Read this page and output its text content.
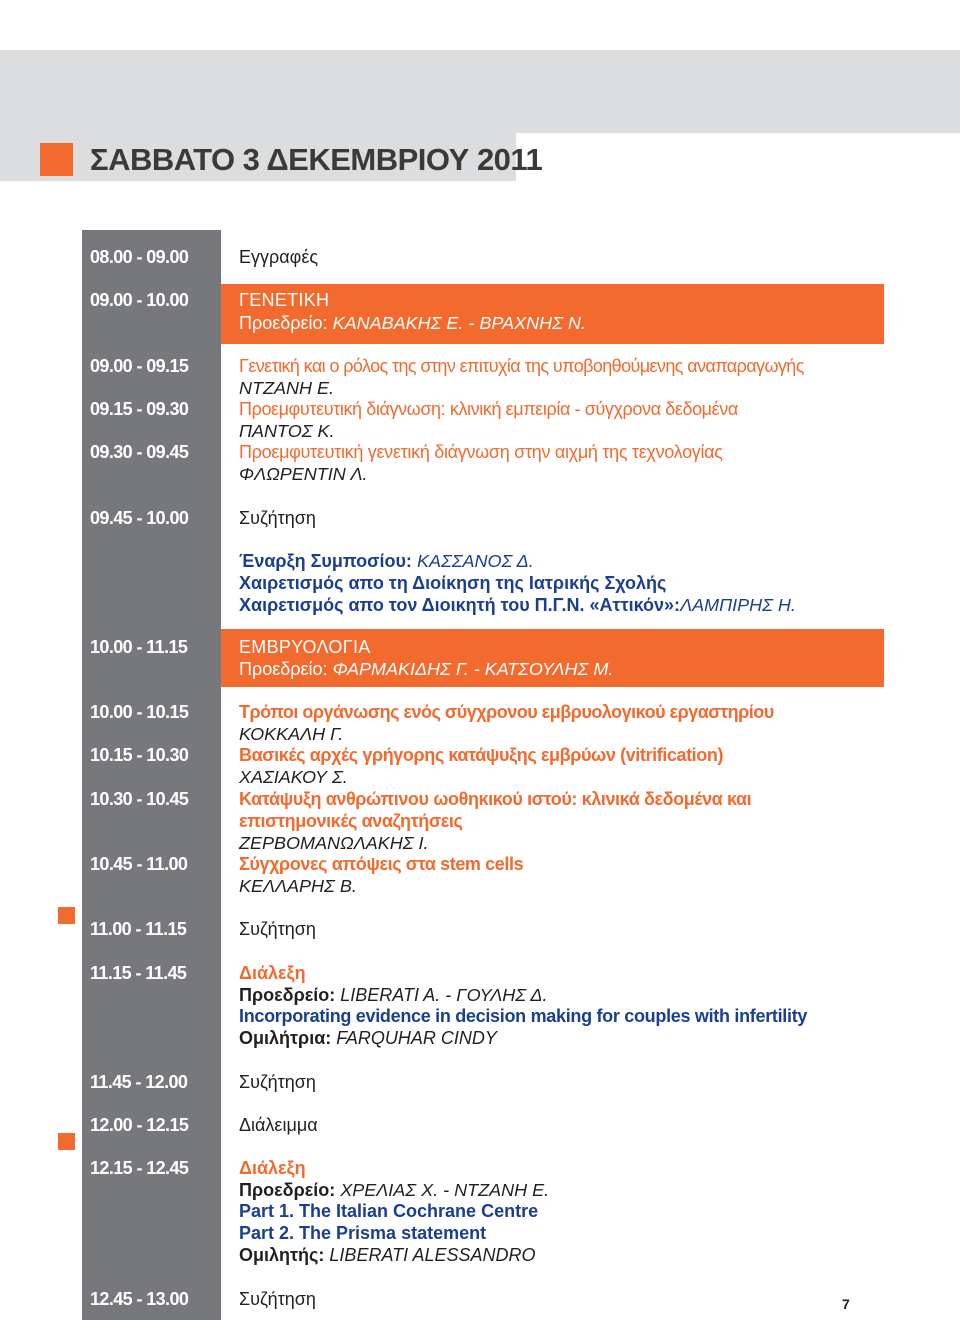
ΣΑΒΒΑΤΟ 3 ΔΕΚΕΜΒΡΙΟΥ 2011
08.00 - 09.00	Εγγραφές
09.00 - 10.00	ΓΕΝΕΤΙΚΗ
Προεδρείο: ΚΑΝΑΒΑΚΗΣ Ε. - ΒΡΑΧΝΗΣ Ν.
09.00 - 09.15	Γενετική και ο ρόλος της στην επιτυχία της υποβοηθούμενης αναπαραγωγής
ΝΤΖΑΝΗ Ε.
09.15 - 09.30	Προεμφυτευτική διάγνωση: κλινική εμπειρία - σύγχρονα δεδομένα
ΠΑΝΤΟΣ Κ.
09.30 - 09.45	Προεμφυτευτική γενετική διάγνωση στην αιχμή της τεχνολογίας
ΦΛΩΡΕΝΤΙΝ Λ.
09.45 - 10.00	Συζήτηση
Έναρξη Συμποσίου: ΚΑΣΣΑΝΟΣ Δ.
Χαιρετισμός απο τη Διοίκηση της Ιατρικής Σχολής
Χαιρετισμός απο τον Διοικητή του Π.Γ.Ν. «Αττικόν»:ΛΑΜΠΙΡΗΣ Η.
10.00 - 11.15	ΕΜΒΡΥΟΛΟΓΙΑ
Προεδρείο: ΦΑΡΜΑΚΙΔΗΣ Γ. - ΚΑΤΣΟΥΛΗΣ Μ.
10.00 - 10.15	Τρόποι οργάνωσης ενός σύγχρονου εμβρυολογικού εργαστηρίου
ΚΟΚΚΑΛΗ Γ.
10.15 - 10.30	Βασικές αρχές γρήγορης κατάψυξης εμβρύων (vitrification)
ΧΑΣΙΑΚΟΥ Σ.
10.30 - 10.45	Κατάψυξη ανθρώπινου ωοθηκικού ιστού: κλινικά δεδομένα και
επιστημονικές αναζητήσεις
ΖΕΡΒΟΜΑΝΩΛΑΚΗΣ Ι.
10.45 - 11.00	Σύγχρονες απόψεις στα stem cells
ΚΕΛΛΑΡΗΣ Β.
11.00 - 11.15	Συζήτηση
11.15 - 11.45	Διάλεξη
Προεδρείο: LIBERATI A. - ΓΟΥΛΗΣ Δ.
Incorporating evidence in decision making for couples with infertility
Ομιλήτρια: FARQUHAR CINDY
11.45 - 12.00	Συζήτηση
12.00 - 12.15	Διάλειμμα
12.15 - 12.45	Διάλεξη
Προεδρείο: ΧΡΕΛΙΑΣ Χ. - ΝΤΖΑΝΗ Ε.
Part 1. The Italian Cochrane Centre
Part 2. The Prisma statement
Ομιλητής: LIBERATI ALESSANDRO
12.45 - 13.00	Συζήτηση	7
